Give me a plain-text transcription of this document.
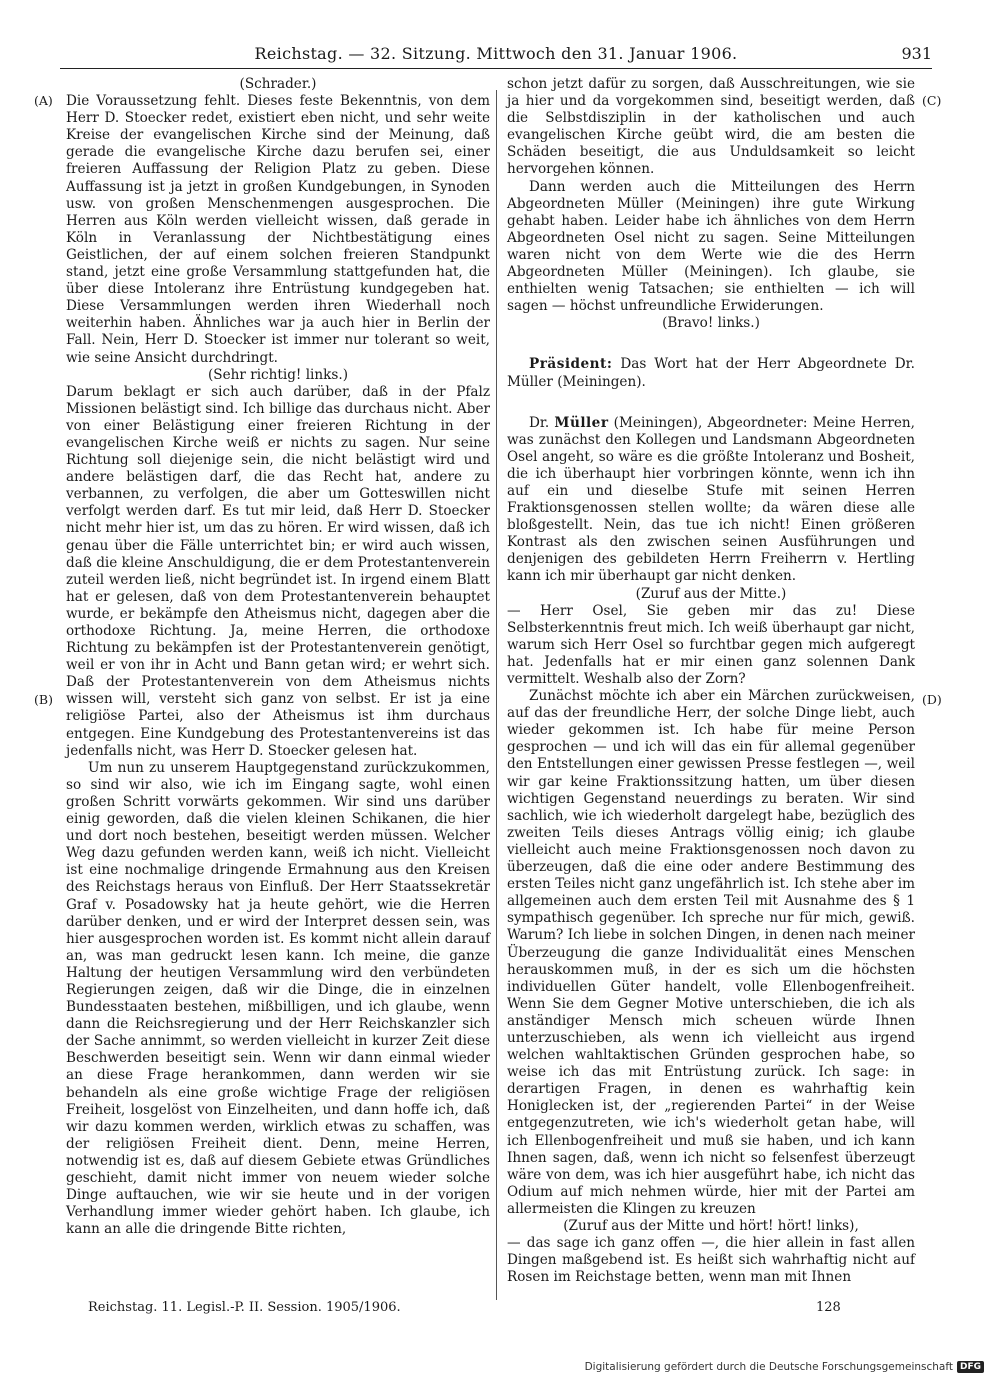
Reichstag. — 32. Sitzung. Mittwoch den 31. Januar 1906.	931
(A)
(B)
(C)
(D)

(Schrader.)

Die Voraussetzung fehlt. Dieses feste Bekenntnis, von dem Herr D. Stoecker redet, existiert eben nicht, und sehr weite Kreise der evangelischen Kirche sind der Meinung, daß gerade die evangelische Kirche dazu berufen sei, einer freieren Auffassung der Religion Platz zu geben. Diese Auffassung ist ja jetzt in großen Kundgebungen, in Synoden usw. von großen Menschenmengen ausgesprochen. Die Herren aus Köln werden vielleicht wissen, daß gerade in Köln in Veranlassung der Nichtbestätigung eines Geistlichen, der auf einem solchen freieren Standpunkt stand, jetzt eine große Versammlung stattgefunden hat, die über diese Intoleranz ihre Entrüstung kundgegeben hat. Diese Versammlungen werden ihren Wiederhall noch weiterhin haben. Ähnliches war ja auch hier in Berlin der Fall. Nein, Herr D. Stoecker ist immer nur tolerant so weit, wie seine Ansicht durchdringt.

(Sehr richtig! links.)

Darum beklagt er sich auch darüber, daß in der Pfalz Missionen belästigt sind. Ich billige das durchaus nicht. Aber von einer Belästigung einer freieren Richtung in der evangelischen Kirche weiß er nichts zu sagen. Nur seine Richtung soll diejenige sein, die nicht belästigt wird und andere belästigen darf, die das Recht hat, andere zu verbannen, zu verfolgen, die aber um Gotteswillen nicht verfolgt werden darf. Es tut mir leid, daß Herr D. Stoecker nicht mehr hier ist, um das zu hören. Er wird wissen, daß ich genau über die Fälle unterrichtet bin; er wird auch wissen, daß die kleine Anschuldigung, die er dem Protestantenverein zuteil werden ließ, nicht begründet ist. In irgend einem Blatt hat er gelesen, daß von dem Protestantenverein behauptet wurde, er bekämpfe den Atheismus nicht, dagegen aber die orthodoxe Richtung. Ja, meine Herren, die orthodoxe Richtung zu bekämpfen ist der Protestantenverein genötigt, weil er von ihr in Acht und Bann getan wird; er wehrt sich. Daß der Protestantenverein von dem Atheismus nichts wissen will, versteht sich ganz von selbst. Er ist ja eine religiöse Partei, also der Atheismus ist ihm durchaus entgegen. Eine Kundgebung des Protestantenvereins ist das jedenfalls nicht, was Herr D. Stoecker gelesen hat.

Um nun zu unserem Hauptgegenstand zurückzukommen, so sind wir also, wie ich im Eingang sagte, wohl einen großen Schritt vorwärts gekommen. Wir sind uns darüber einig geworden, daß die vielen kleinen Schikanen, die hier und dort noch bestehen, beseitigt werden müssen. Welcher Weg dazu gefunden werden kann, weiß ich nicht. Vielleicht ist eine nochmalige dringende Ermahnung aus den Kreisen des Reichstags heraus von Einfluß. Der Herr Staatssekretär Graf v. Posadowsky hat ja heute gehört, wie die Herren darüber denken, und er wird der Interpret dessen sein, was hier ausgesprochen worden ist. Es kommt nicht allein darauf an, was man gedruckt lesen kann. Ich meine, die ganze Haltung der heutigen Versammlung wird den verbündeten Regierungen zeigen, daß wir die Dinge, die in einzelnen Bundesstaaten bestehen, mißbilligen, und ich glaube, wenn dann die Reichsregierung und der Herr Reichskanzler sich der Sache annimmt, so werden vielleicht in kurzer Zeit diese Beschwerden beseitigt sein. Wenn wir dann einmal wieder an diese Frage herankommen, dann werden wir sie behandeln als eine große wichtige Frage der religiösen Freiheit, losgelöst von Einzelheiten, und dann hoffe ich, daß wir dazu kommen werden, wirklich etwas zu schaffen, was der religiösen Freiheit dient. Denn, meine Herren, notwendig ist es, daß auf diesem Gebiete etwas Gründliches geschieht, damit nicht immer von neuem wieder solche Dinge auftauchen, wie wir sie heute und in der vorigen Verhandlung immer wieder gehört haben. Ich glaube, ich kann an alle die dringende Bitte richten,

schon jetzt dafür zu sorgen, daß Ausschreitungen, wie sie ja hier und da vorgekommen sind, beseitigt werden, daß die Selbstdisziplin in der katholischen und auch evangelischen Kirche geübt wird, die am besten die Schäden beseitigt, die aus Unduldsamkeit so leicht hervorgehen können.

Dann werden auch die Mitteilungen des Herrn Abgeordneten Müller (Meiningen) ihre gute Wirkung gehabt haben. Leider habe ich ähnliches von dem Herrn Abgeordneten Osel nicht zu sagen. Seine Mitteilungen waren nicht von dem Werte wie die des Herrn Abgeordneten Müller (Meiningen). Ich glaube, sie enthielten wenig Tatsachen; sie enthielten — ich will sagen — höchst unfreundliche Erwiderungen.

(Bravo! links.)

Präsident: Das Wort hat der Herr Abgeordnete Dr. Müller (Meiningen).

Dr. Müller (Meiningen), Abgeordneter: Meine Herren, was zunächst den Kollegen und Landsmann Abgeordneten Osel angeht, so wäre es die größte Intoleranz und Bosheit, die ich überhaupt hier vorbringen könnte, wenn ich ihn auf ein und dieselbe Stufe mit seinen Herren Fraktionsgenossen stellen wollte; da wären diese alle bloßgestellt. Nein, das tue ich nicht! Einen größeren Kontrast als den zwischen seinen Ausführungen und denjenigen des gebildeten Herrn Freiherrn v. Hertling kann ich mir überhaupt gar nicht denken.

(Zuruf aus der Mitte.)

— Herr Osel, Sie geben mir das zu! Diese Selbsterkenntnis freut mich. Ich weiß überhaupt gar nicht, warum sich Herr Osel so furchtbar gegen mich aufgeregt hat. Jedenfalls hat er mir einen ganz solennen Dank vermittelt. Weshalb also der Zorn?

Zunächst möchte ich aber ein Märchen zurückweisen, auf das der freundliche Herr, der solche Dinge liebt, auch wieder gekommen ist. Ich habe für meine Person gesprochen — und ich will das ein für allemal gegenüber den Entstellungen einer gewissen Presse festlegen —, weil wir gar keine Fraktionssitzung hatten, um über diesen wichtigen Gegenstand neuerdings zu beraten. Wir sind sachlich, wie ich wiederholt dargelegt habe, bezüglich des zweiten Teils dieses Antrags völlig einig; ich glaube vielleicht auch meine Fraktionsgenossen noch davon zu überzeugen, daß die eine oder andere Bestimmung des ersten Teiles nicht ganz ungefährlich ist. Ich stehe aber im allgemeinen auch dem ersten Teil mit Ausnahme des § 1 sympathisch gegenüber. Ich spreche nur für mich, gewiß. Warum? Ich liebe in solchen Dingen, in denen nach meiner Überzeugung die ganze Individualität eines Menschen herauskommen muß, in der es sich um die höchsten individuellen Güter handelt, volle Ellenbogenfreiheit. Wenn Sie dem Gegner Motive unterschieben, die ich als anständiger Mensch mich scheuen würde Ihnen unterzuschieben, als wenn ich vielleicht aus irgend welchen wahltaktischen Gründen gesprochen habe, so weise ich das mit Entrüstung zurück. Ich sage: in derartigen Fragen, in denen es wahrhaftig kein Honiglecken ist, der „regierenden Partei“ in der Weise entgegenzutreten, wie ich's wiederholt getan habe, will ich Ellenbogenfreiheit und muß sie haben, und ich kann Ihnen sagen, daß, wenn ich nicht so felsenfest überzeugt wäre von dem, was ich hier ausgeführt habe, ich nicht das Odium auf mich nehmen würde, hier mit der Partei am allermeisten die Klingen zu kreuzen

(Zuruf aus der Mitte und hört! hört! links),

— das sage ich ganz offen —, die hier allein in fast allen Dingen maßgebend ist. Es heißt sich wahrhaftig nicht auf Rosen im Reichstage betten, wenn man mit Ihnen

Reichstag. 11. Legisl.-P. II. Session. 1905/1906.	128
Digitalisierung gefördert durch die Deutsche Forschungsgemeinschaft DFG
